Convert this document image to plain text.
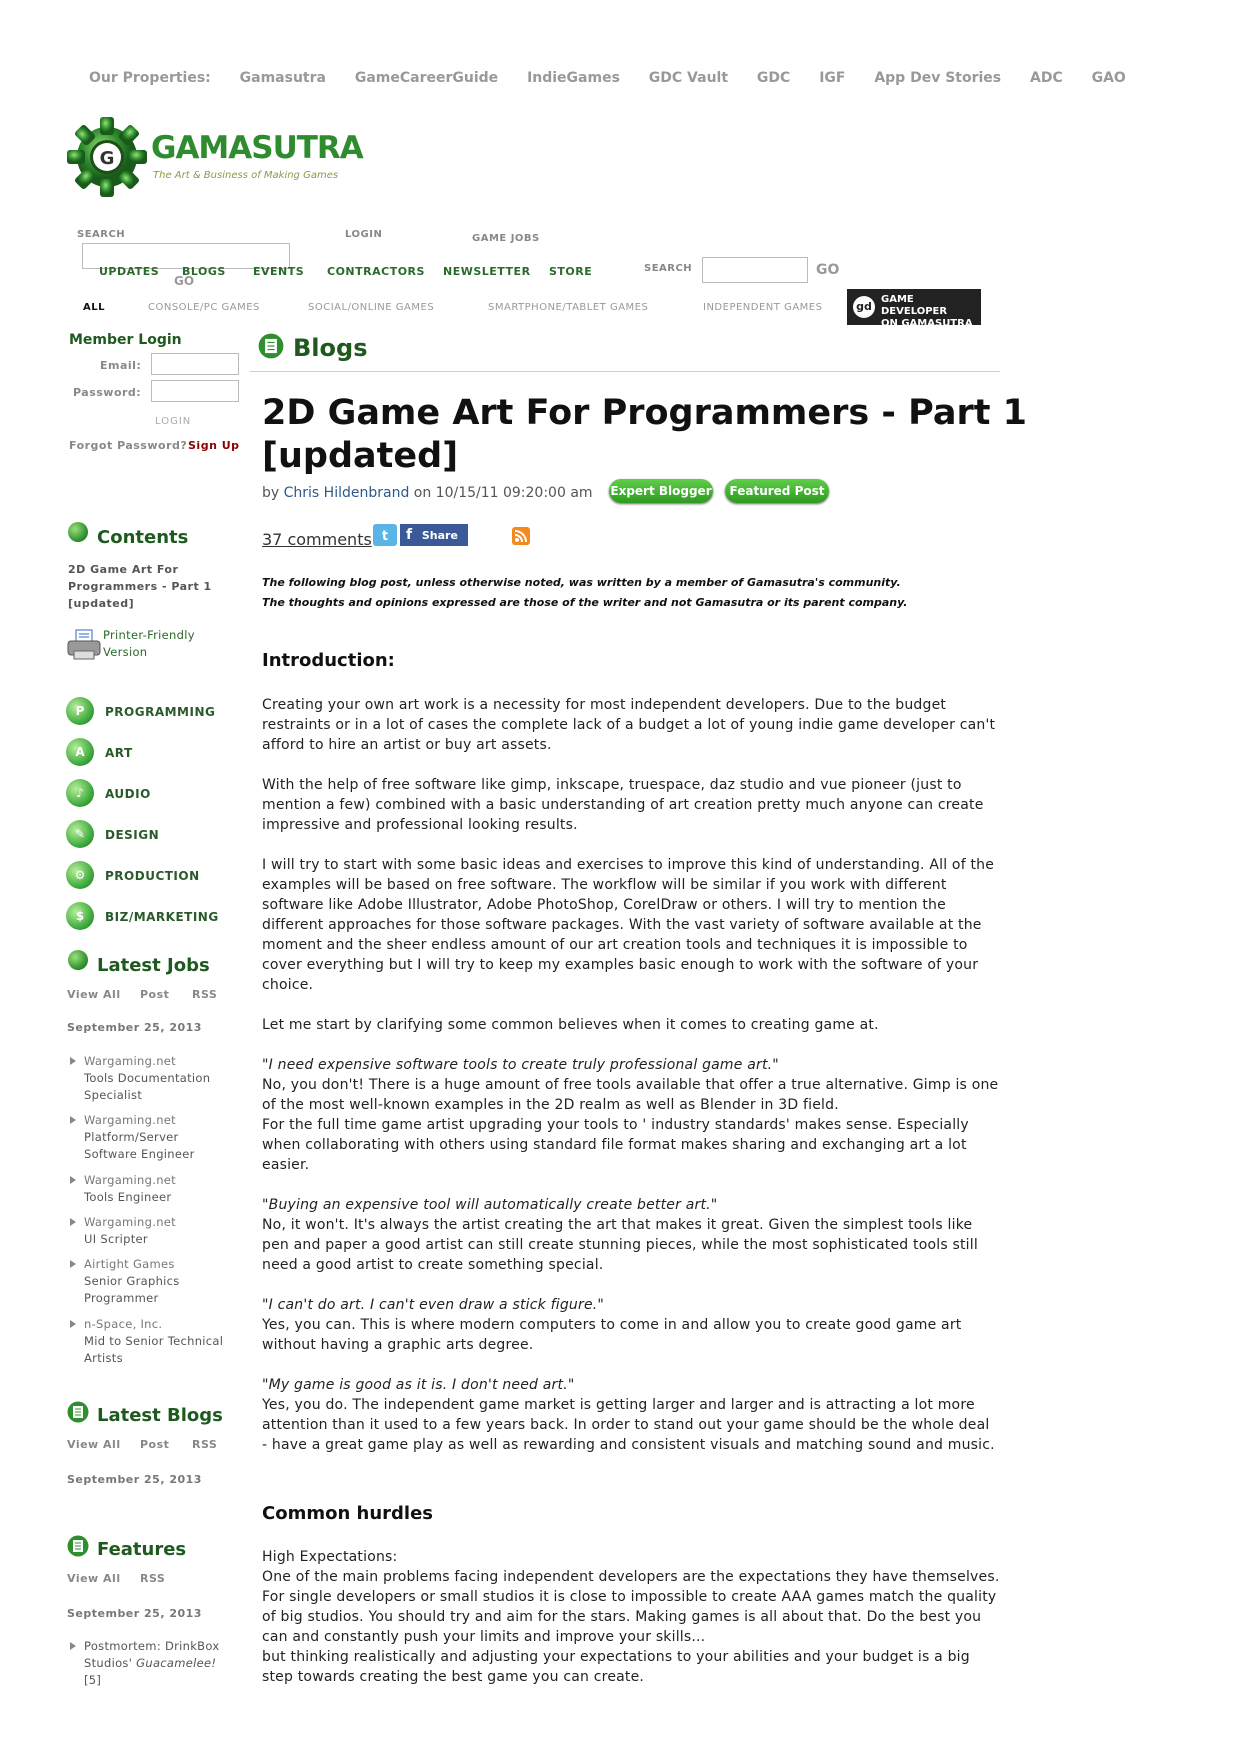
Our Properties: Gamasutra GameCareerGuide IndieGames GDC Vault GDC IGF App Dev Stories ADC GAO
G GAMASUTRA
The Art & Business of Making Games
SEARCH	LOGIN	GAME JOBS
UPDATES BLOGS
GO
EVENTS CONTRACTORS NEWSLETTER STORE	SEARCH	GO
ALL	CONSOLE/PC GAMES	SOCIAL/ONLINE GAMES	SMARTPHONE/TABLET GAMES	INDEPENDENT GAMES	gd
GAME DEVELOPER
ON GAMASUTRA
Member Login
Email:
Password:
LOGIN
Forgot Password? Sign Up
Contents
2D Game Art For Programmers - Part 1 [updated]
Printer-Friendly Version
P	PROGRAMMING
A	ART
♪	AUDIO
✎	DESIGN
⚙	PRODUCTION
$	BIZ/MARKETING
Latest Jobs
View All Post RSS
September 25, 2013
Wargaming.net
Tools Documentation Specialist
Wargaming.net
Platform/Server Software Engineer
Wargaming.net
Tools Engineer
Wargaming.net
UI Scripter
Airtight Games
Senior Graphics Programmer
n-Space, Inc.
Mid to Senior Technical Artists
Latest Blogs
View All Post RSS
September 25, 2013
Features
View All RSS
September 25, 2013
Postmortem: DrinkBox Studios' Guacamelee! [5]
Blogs
2D Game Art For Programmers - Part 1
[updated]
by Chris Hildenbrand on 10/15/11 09:20:00 am Expert Blogger	Featured Post
37 comments t	f Share
The following blog post, unless otherwise noted, was written by a member of Gamasutra's community.
The thoughts and opinions expressed are those of the writer and not Gamasutra or its parent company.
Introduction:

Creating your own art work is a necessity for most independent developers. Due to the budget

restraints or in a lot of cases the complete lack of a budget a lot of young indie game developer can't

afford to hire an artist or buy art assets.

With the help of free software like gimp, inkscape, truespace, daz studio and vue pioneer (just to

mention a few) combined with a basic understanding of art creation pretty much anyone can create

impressive and professional looking results.

I will try to start with some basic ideas and exercises to improve this kind of understanding. All of the

examples will be based on free software. The workflow will be similar if you work with different

software like Adobe Illustrator, Adobe PhotoShop, CorelDraw or others. I will try to mention the

different approaches for those software packages. With the vast variety of software available at the

moment and the sheer endless amount of our art creation tools and techniques it is impossible to

cover everything but I will try to keep my examples basic enough to work with the software of your

choice.

Let me start by clarifying some common believes when it comes to creating game at.

"I need expensive software tools to create truly professional game art."

No, you don't! There is a huge amount of free tools available that offer a true alternative. Gimp is one

of the most well-known examples in the 2D realm as well as Blender in 3D field.

For the full time game artist upgrading your tools to ' industry standards' makes sense. Especially

when collaborating with others using standard file format makes sharing and exchanging art a lot

easier.

"Buying an expensive tool will automatically create better art."

No, it won't. It's always the artist creating the art that makes it great. Given the simplest tools like

pen and paper a good artist can still create stunning pieces, while the most sophisticated tools still

need a good artist to create something special.

"I can't do art. I can't even draw a stick figure."

Yes, you can. This is where modern computers to come in and allow you to create good game art

without having a graphic arts degree.

"My game is good as it is. I don't need art."

Yes, you do. The independent game market is getting larger and larger and is attracting a lot more

attention than it used to a few years back. In order to stand out your game should be the whole deal

- have a great game play as well as rewarding and consistent visuals and matching sound and music.

Common hurdles

High Expectations:

One of the main problems facing independent developers are the expectations they have themselves.

For single developers or small studios it is close to impossible to create AAA games match the quality

of big studios. You should try and aim for the stars. Making games is all about that. Do the best you

can and constantly push your limits and improve your skills...

but thinking realistically and adjusting your expectations to your abilities and your budget is a big

step towards creating the best game you can create.
